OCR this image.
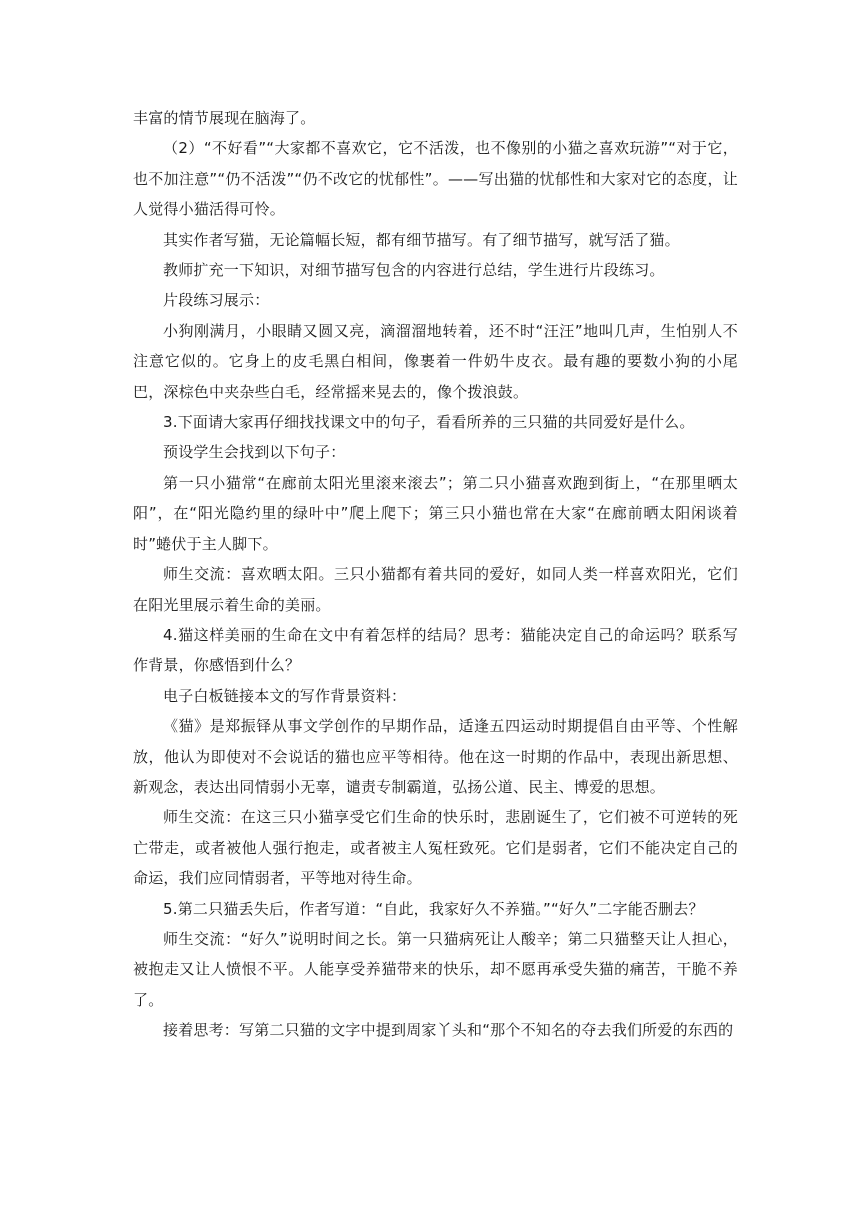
丰富的情节展现在脑海了。

（2）“不好看”“大家都不喜欢它，它不活泼，也不像别的小猫之喜欢玩游”“对于它，也不加注意”“仍不活泼”“仍不改它的忧郁性”。——写出猫的忧郁性和大家对它的态度，让人觉得小猫活得可怜。

其实作者写猫，无论篇幅长短，都有细节描写。有了细节描写，就写活了猫。

教师扩充一下知识，对细节描写包含的内容进行总结，学生进行片段练习。

片段练习展示：

小狗刚满月，小眼睛又圆又亮，滴溜溜地转着，还不时“汪汪”地叫几声，生怕别人不注意它似的。它身上的皮毛黑白相间，像裹着一件奶牛皮衣。最有趣的要数小狗的小尾巴，深棕色中夹杂些白毛，经常摇来晃去的，像个拨浪鼓。

3.下面请大家再仔细找找课文中的句子，看看所养的三只猫的共同爱好是什么。

预设学生会找到以下句子：

第一只小猫常“在廊前太阳光里滚来滚去”；第二只小猫喜欢跑到街上，“在那里晒太阳”，在“阳光隐约里的绿叶中”爬上爬下；第三只小猫也常在大家“在廊前晒太阳闲谈着时”蜷伏于主人脚下。

师生交流：喜欢晒太阳。三只小猫都有着共同的爱好，如同人类一样喜欢阳光，它们在阳光里展示着生命的美丽。

4.猫这样美丽的生命在文中有着怎样的结局？思考：猫能决定自己的命运吗？联系写作背景，你感悟到什么？

电子白板链接本文的写作背景资料：

《猫》是郑振铎从事文学创作的早期作品，适逢五四运动时期提倡自由平等、个性解放，他认为即使对不会说话的猫也应平等相待。他在这一时期的作品中，表现出新思想、新观念，表达出同情弱小无辜，谴责专制霸道，弘扬公道、民主、博爱的思想。

师生交流：在这三只小猫享受它们生命的快乐时，悲剧诞生了，它们被不可逆转的死亡带走，或者被他人强行抱走，或者被主人冤枉致死。它们是弱者，它们不能决定自己的命运，我们应同情弱者，平等地对待生命。

5.第二只猫丢失后，作者写道：“自此，我家好久不养猫。”“好久”二字能否删去？

师生交流：“好久”说明时间之长。第一只猫病死让人酸辛；第二只猫整天让人担心，被抱走又让人愤恨不平。人能享受养猫带来的快乐，却不愿再承受失猫的痛苦，干脆不养了。

接着思考：写第二只猫的文字中提到周家丫头和“那个不知名的夺去我们所爱的东西的
